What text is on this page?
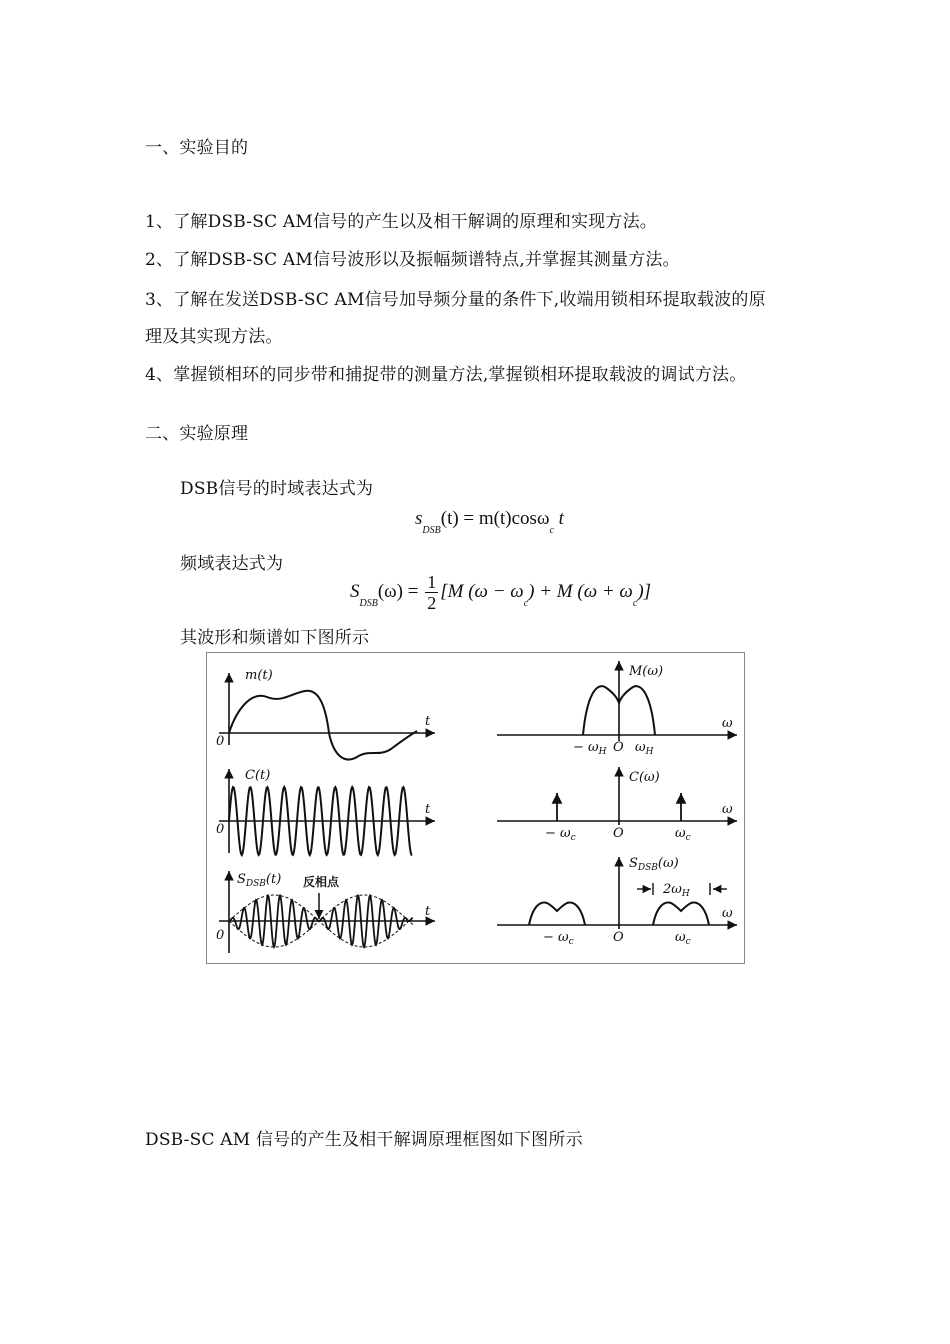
一、实验目的
1、了解DSB-SC AM信号的产生以及相干解调的原理和实现方法。
2、了解DSB-SC AM信号波形以及振幅频谱特点,并掌握其测量方法。
3、了解在发送DSB-SC AM信号加导频分量的条件下,收端用锁相环提取载波的原
理及其实现方法。
4、掌握锁相环的同步带和捕捉带的测量方法,掌握锁相环提取载波的调试方法。
二、实验原理
DSB信号的时域表达式为
$s_{DSB}(t) = m(t)\cos\omega_c$ t
频域表达式为
$S_{DSB}(\omega) = \frac{1}{2} [M$ $(\omega - \omega_c) + M$ $(\omega + \omega_c)$]
其波形和频谱如下图所示
m(t)
t
0
C(t)
t
0
$S_{DSB}(t)$ 反相点
t
0
M(ω)
ω
− $\omega_H$ O $\omega_H$
C(ω)
ω
− $\omega_c$	O	$\omega_c$
$S_{DSB}(\omega)$
$2\omega_H$
ω
− $\omega_c$	O	$\omega_c$
DSB-SC AM 信号的产生及相干解调原理框图如下图所示
